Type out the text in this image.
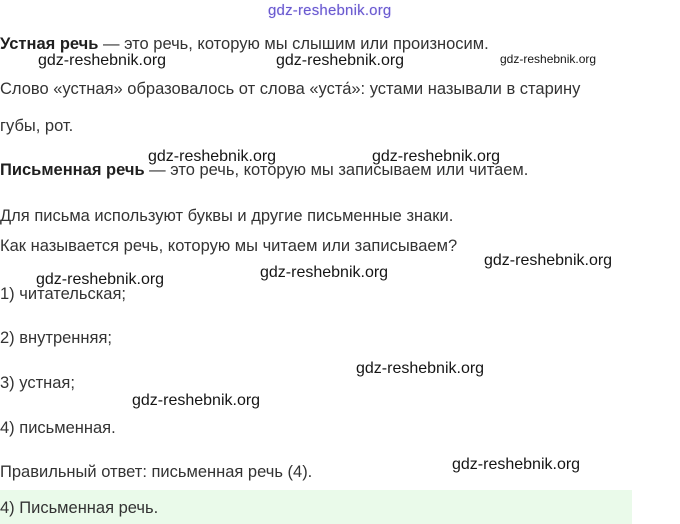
gdz-reshebnik.org
Устная речь — это речь, которую мы слышим или произносим.
Слово «устная» образовалось от слова «уста́»: устами называли в старину
губы, рот.
Письменная речь — это речь, которую мы записываем или читаем.
Для письма используют буквы и другие письменные знаки.
Как называется речь, которую мы читаем или записываем?
1) читательская;
2) внутренняя;
3) устная;
4) письменная.
Правильный ответ: письменная речь (4).
4) Письменная речь.
gdz-reshebnik.org	gdz-reshebnik.org	gdz-reshebnik.org
gdz-reshebnik.org	gdz-reshebnik.org
gdz-reshebnik.org
gdz-reshebnik.org
gdz-reshebnik.org
gdz-reshebnik.org
gdz-reshebnik.org
gdz-reshebnik.org
